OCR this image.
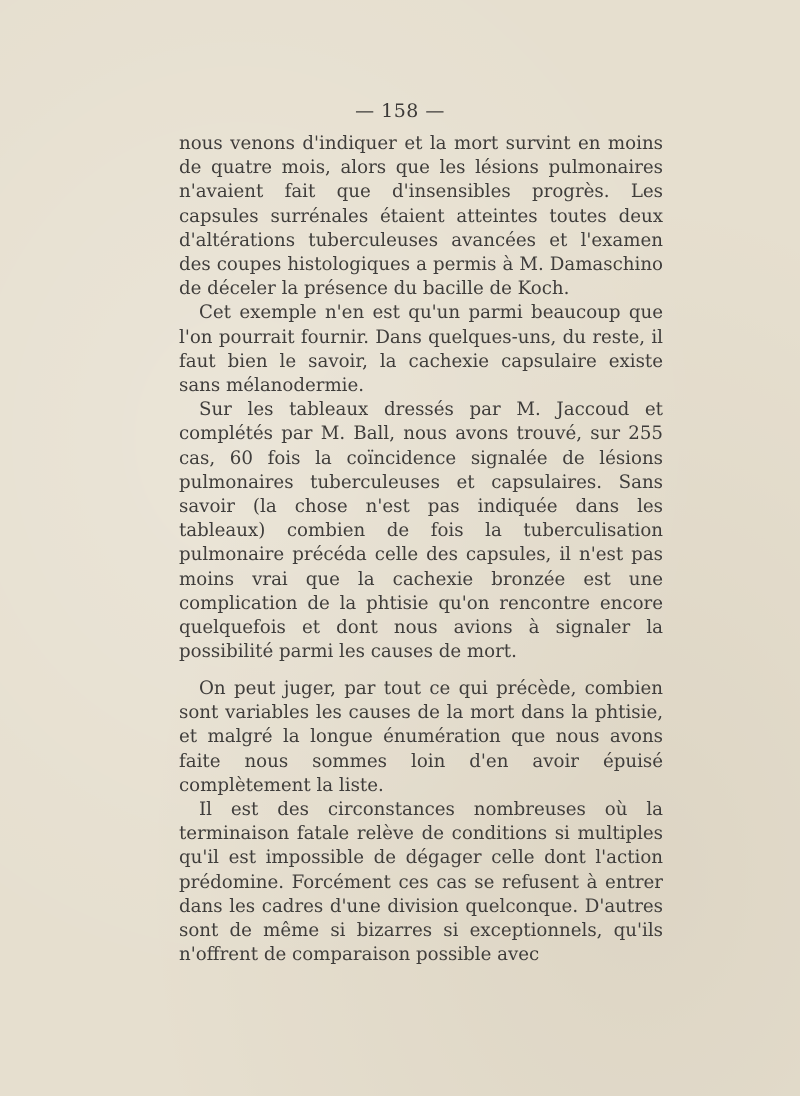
— 158 —

nous venons d'indiquer et la mort survint en moins de quatre mois, alors que les lésions pulmonaires n'avaient fait que d'insensibles progrès. Les capsules surrénales étaient atteintes toutes deux d'altérations tuberculeuses avancées et l'examen des coupes histologiques a permis à M. Damaschino de déceler la présence du bacille de Koch.

Cet exemple n'en est qu'un parmi beaucoup que l'on pourrait fournir. Dans quelques-uns, du reste, il faut bien le savoir, la cachexie capsulaire existe sans mélanodermie.

Sur les tableaux dressés par M. Jaccoud et complétés par M. Ball, nous avons trouvé, sur 255 cas, 60 fois la coïncidence signalée de lésions pulmonaires tuberculeuses et capsulaires. Sans savoir (la chose n'est pas indiquée dans les tableaux) combien de fois la tuberculisation pulmonaire précéda celle des capsules, il n'est pas moins vrai que la cachexie bronzée est une complication de la phtisie qu'on rencontre encore quelquefois et dont nous avions à signaler la possibilité parmi les causes de mort.

On peut juger, par tout ce qui précède, combien sont variables les causes de la mort dans la phtisie, et malgré la longue énumération que nous avons faite nous sommes loin d'en avoir épuisé complètement la liste.

Il est des circonstances nombreuses où la terminaison fatale relève de conditions si multiples qu'il est impossible de dégager celle dont l'action prédomine. Forcément ces cas se refusent à entrer dans les cadres d'une division quelconque. D'autres sont de même si bizarres si exceptionnels, qu'ils n'offrent de comparaison possible avec
